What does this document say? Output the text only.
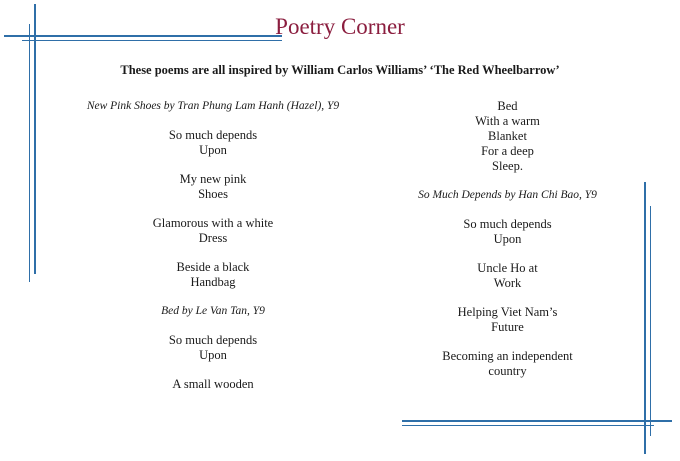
Poetry Corner
These poems are all inspired by William Carlos Williams’ ‘The Red Wheelbarrow’
New Pink Shoes by Tran Phung Lam Hanh (Hazel), Y9
So much depends
Upon
My new pink
Shoes
Glamorous with a white
Dress
Beside a black
Handbag
Bed by Le Van Tan, Y9
So much depends
Upon
A small wooden
Bed
With a warm
Blanket
For a deep
Sleep.
So Much Depends by Han Chi Bao, Y9
So much depends
Upon
Uncle Ho at
Work
Helping Viet Nam’s
Future
Becoming an independent
country
